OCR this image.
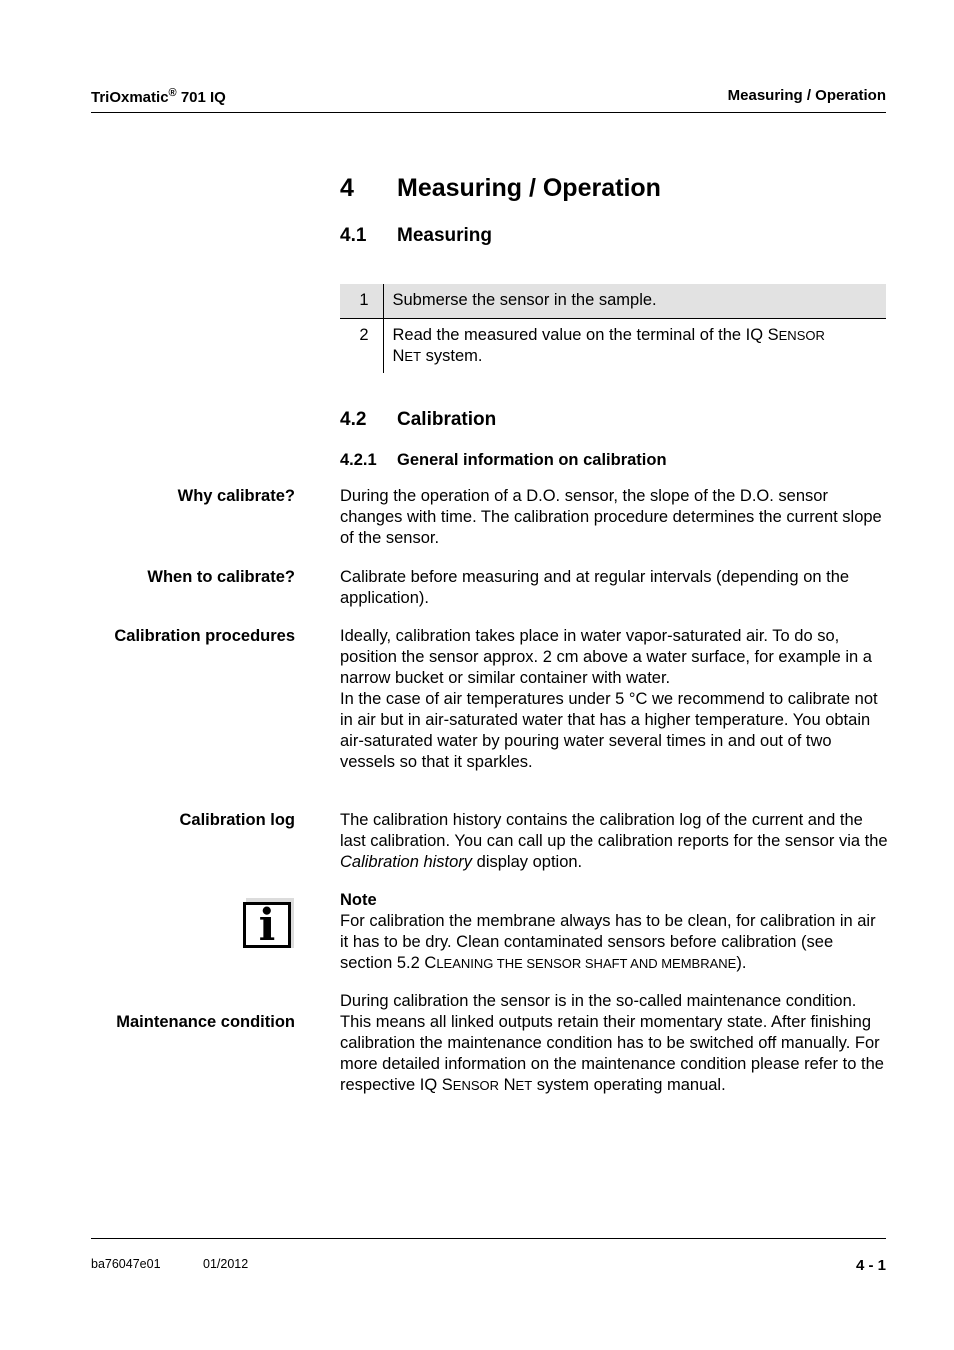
TriOxmatic® 701 IQ	Measuring / Operation
4 Measuring / Operation
4.1 Measuring
1	Submerse the sensor in the sample.
2	Read the measured value on the terminal of the IQ SENSOR
NET system.
4.2 Calibration
4.2.1 General information on calibration
Why calibrate?	During the operation of a D.O. sensor, the slope of the D.O. sensor changes with time. The calibration procedure determines the current slope of the sensor.
When to calibrate?	Calibrate before measuring and at regular intervals (depending on the application).
Calibration procedures	Ideally, calibration takes place in water vapor-saturated air. To do so, position the sensor approx. 2 cm above a water surface, for example in a narrow bucket or similar container with water.
In the case of air temperatures under 5 °C we recommend to calibrate not in air but in air-saturated water that has a higher temperature. You obtain air-saturated water by pouring water several times in and out of two vessels so that it sparkles.
Calibration log	The calibration history contains the calibration log of the current and the last calibration. You can call up the calibration reports for the sensor via the Calibration history display option.
i	Note
For calibration the membrane always has to be clean, for calibration in air it has to be dry. Clean contaminated sensors before calibration (see section 5.2 CLEANING THE SENSOR SHAFT AND MEMBRANE).
Maintenance condition
During calibration the sensor is in the so-called maintenance condition. This means all linked outputs retain their momentary state. After finishing calibration the maintenance condition has to be switched off manually. For more detailed information on the maintenance condition please refer to the respective IQ SENSOR NET system operating manual.
ba76047e01	01/2012	4 - 1
